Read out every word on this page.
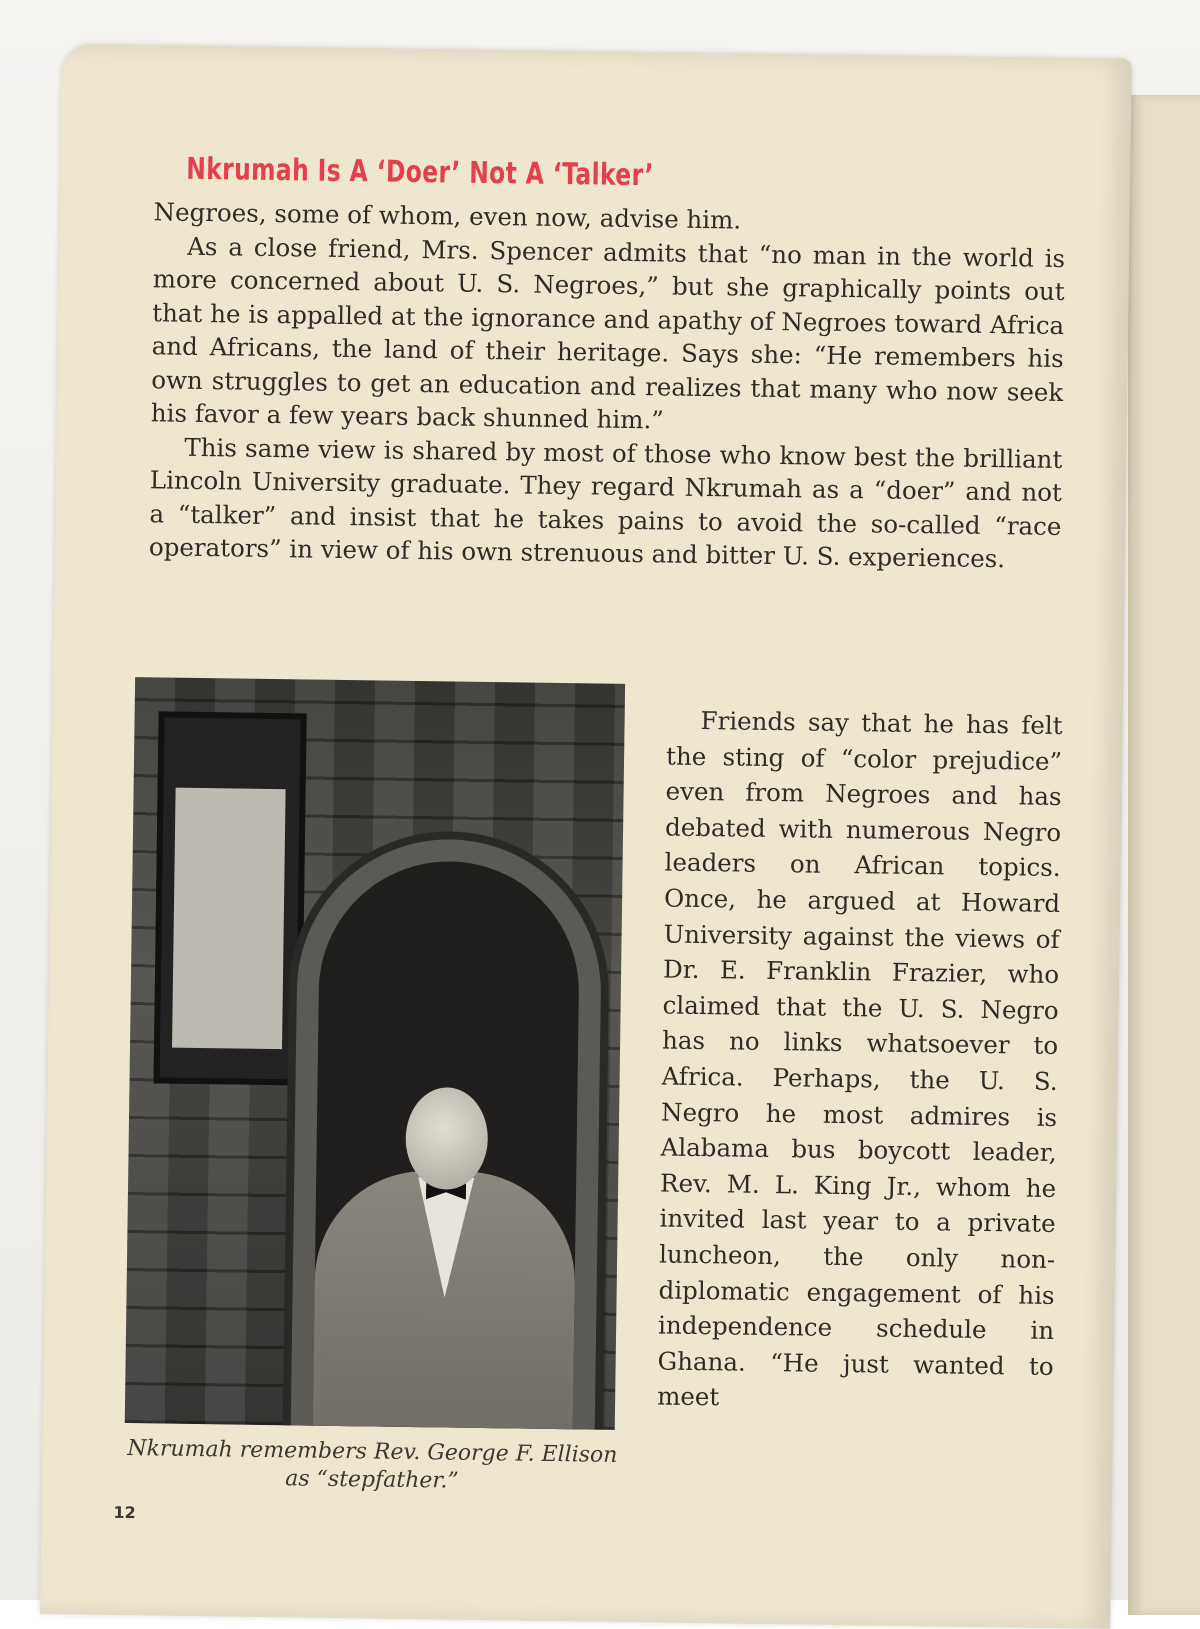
Nkrumah Is A ‘Doer’ Not A ‘Talker’

Negroes, some of whom, even now, advise him.

As a close friend, Mrs. Spencer admits that “no man in the world is more concerned about U. S. Negroes,” but she graphically points out that he is appalled at the ignorance and apathy of Negroes toward Africa and Africans, the land of their heritage. Says she: “He remembers his own struggles to get an education and realizes that many who now seek his favor a few years back shunned him.”

This same view is shared by most of those who know best the brilliant Lincoln University graduate. They regard Nkrumah as a “doer” and not a “talker” and insist that he takes pains to avoid the so-called “race operators” in view of his own strenuous and bitter U. S. experiences.

Nkrumah remembers Rev. George F. Ellison as “stepfather.”

Friends say that he has felt the sting of “color prejudice” even from Negroes and has debated with numerous Negro leaders on African topics. Once, he argued at Howard University against the views of Dr. E. Franklin Frazier, who claimed that the U. S. Negro has no links whatsoever to Africa. Perhaps, the U. S. Negro he most admires is Alabama bus boycott leader, Rev. M. L. King Jr., whom he invited last year to a private luncheon, the only non-diplomatic engagement of his independence schedule in Ghana. “He just wanted to meet

12
